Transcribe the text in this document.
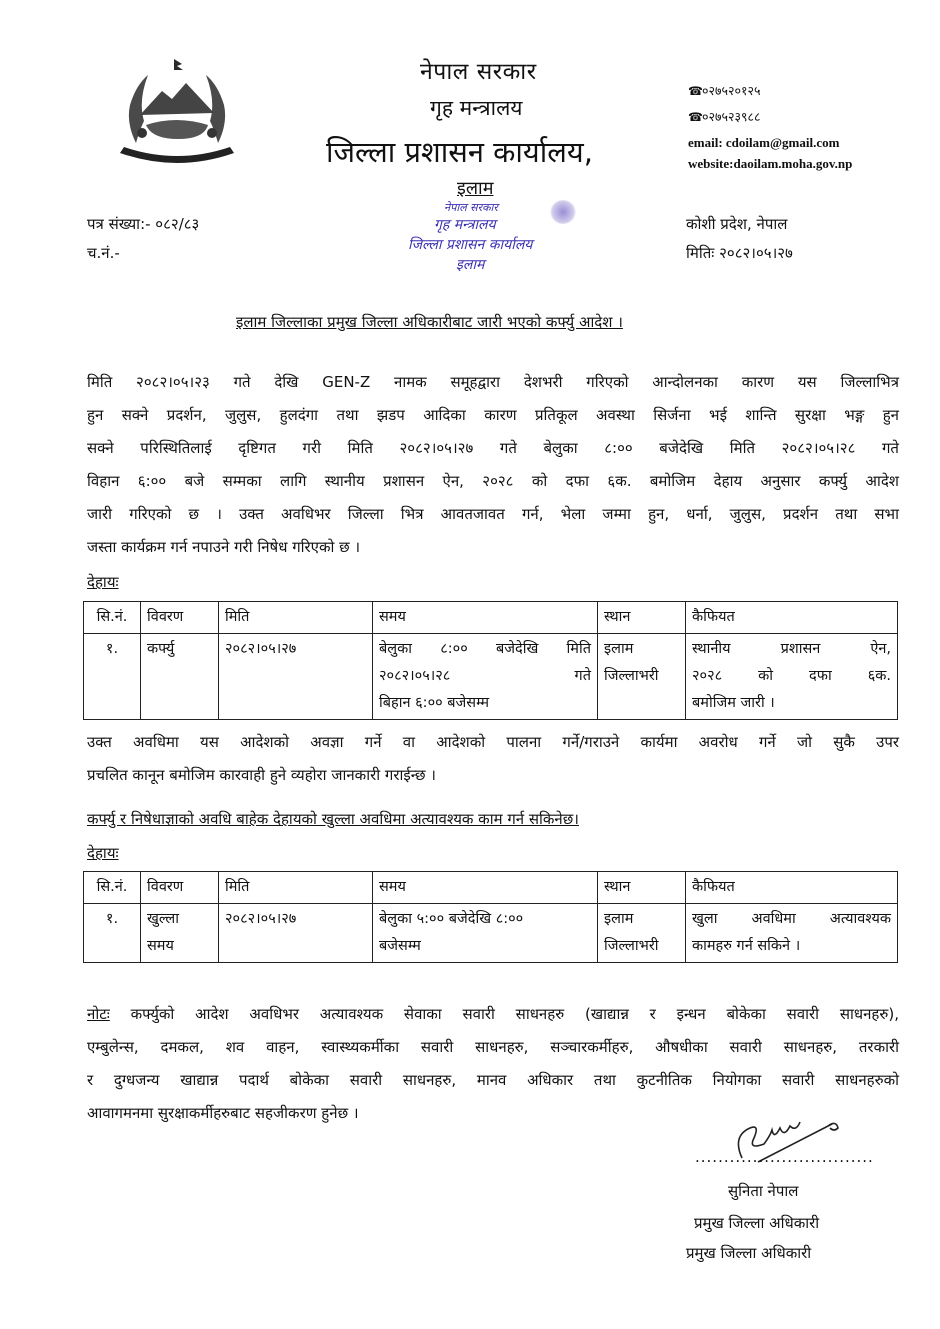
नेपाल सरकार
गृह मन्त्रालय
जिल्ला प्रशासन कार्यालय,
इलाम
☎०२७५२०१२५
☎०२७५२३९८८
email: cdoilam@gmail.com
website:daoilam.moha.gov.np
नेपाल सरकार
गृह मन्त्रालय
जिल्ला प्रशासन कार्यालय
इलाम
पत्र संख्या:- ०८२/८३
च.नं.-
कोशी प्रदेश, नेपाल
मितिः २०८२।०५।२७
इलाम जिल्लाका प्रमुख जिल्ला अधिकारीबाट जारी भएको कर्फ्यु आदेश ।
मिति २०८२।०५।२३ गते देखि GEN-Z नामक समूहद्वारा देशभरी गरिएको आन्दोलनका कारण यस जिल्लाभित्र
हुन सक्ने प्रदर्शन, जुलुस, हुलदंगा तथा झडप आदिका कारण प्रतिकूल अवस्था सिर्जना भई शान्ति सुरक्षा भङ्ग हुन
सक्ने परिस्थितिलाई दृष्टिगत गरी मिति २०८२।०५।२७ गते बेलुका ८:०० बजेदेखि मिति २०८२।०५।२८ गते
विहान ६:०० बजे सम्मका लागि स्थानीय प्रशासन ऐन, २०२८ को दफा ६क. बमोजिम देहाय अनुसार कर्फ्यु आदेश
जारी गरिएको छ । उक्त अवधिभर जिल्ला भित्र आवतजावत गर्न, भेला जम्मा हुन, धर्ना, जुलुस, प्रदर्शन तथा सभा
जस्ता कार्यक्रम गर्न नपाउने गरी निषेध गरिएको छ ।
देहायः
सि.नं.	विवरण	मिति	समय	स्थान	कैफियत
१.	कर्फ्यु	२०८२।०५।२७	बेलुका ८:०० बजेदेखि मिति
२०८२।०५।२८ गते
बिहान ६:०० बजेसम्म	इलाम
जिल्लाभरी	स्थानीय प्रशासन ऐन,
२०२८ को दफा ६क.
बमोजिम जारी ।
उक्त अवधिमा यस आदेशको अवज्ञा गर्ने वा आदेशको पालना गर्ने/गराउने कार्यमा अवरोध गर्ने जो सुकै उपर
प्रचलित कानून बमोजिम कारवाही हुने व्यहोरा जानकारी गराईन्छ ।
कर्फ्यु र निषेधाज्ञाको अवधि बाहेक देहायको खुल्ला अवधिमा अत्यावश्यक काम गर्न सकिनेछ।
देहायः
सि.नं.	विवरण	मिति	समय	स्थान	कैफियत
१.	खुल्ला
समय	२०८२।०५।२७	बेलुका ५:०० बजेदेखि ८:००
बजेसम्म	इलाम
जिल्लाभरी	खुला अवधिमा अत्यावश्यक
कामहरु गर्न सकिने ।
नोटः कर्फ्युको आदेश अवधिभर अत्यावश्यक सेवाका सवारी साधनहरु (खाद्यान्न र इन्धन बोकेका सवारी साधनहरु),
एम्बुलेन्स, दमकल, शव वाहन, स्वास्थ्यकर्मीका सवारी साधनहरु, सञ्चारकर्मीहरु, औषधीका सवारी साधनहरु, तरकारी
र दुग्धजन्य खाद्यान्न पदार्थ बोकेका सवारी साधनहरु, मानव अधिकार तथा कुटनीतिक नियोगका सवारी साधनहरुको
आवागमनमा सुरक्षाकर्मीहरुबाट सहजीकरण हुनेछ ।
...............................
सुनिता नेपाल
प्रमुख जिल्ला अधिकारी
प्रमुख जिल्ला अधिकारी
